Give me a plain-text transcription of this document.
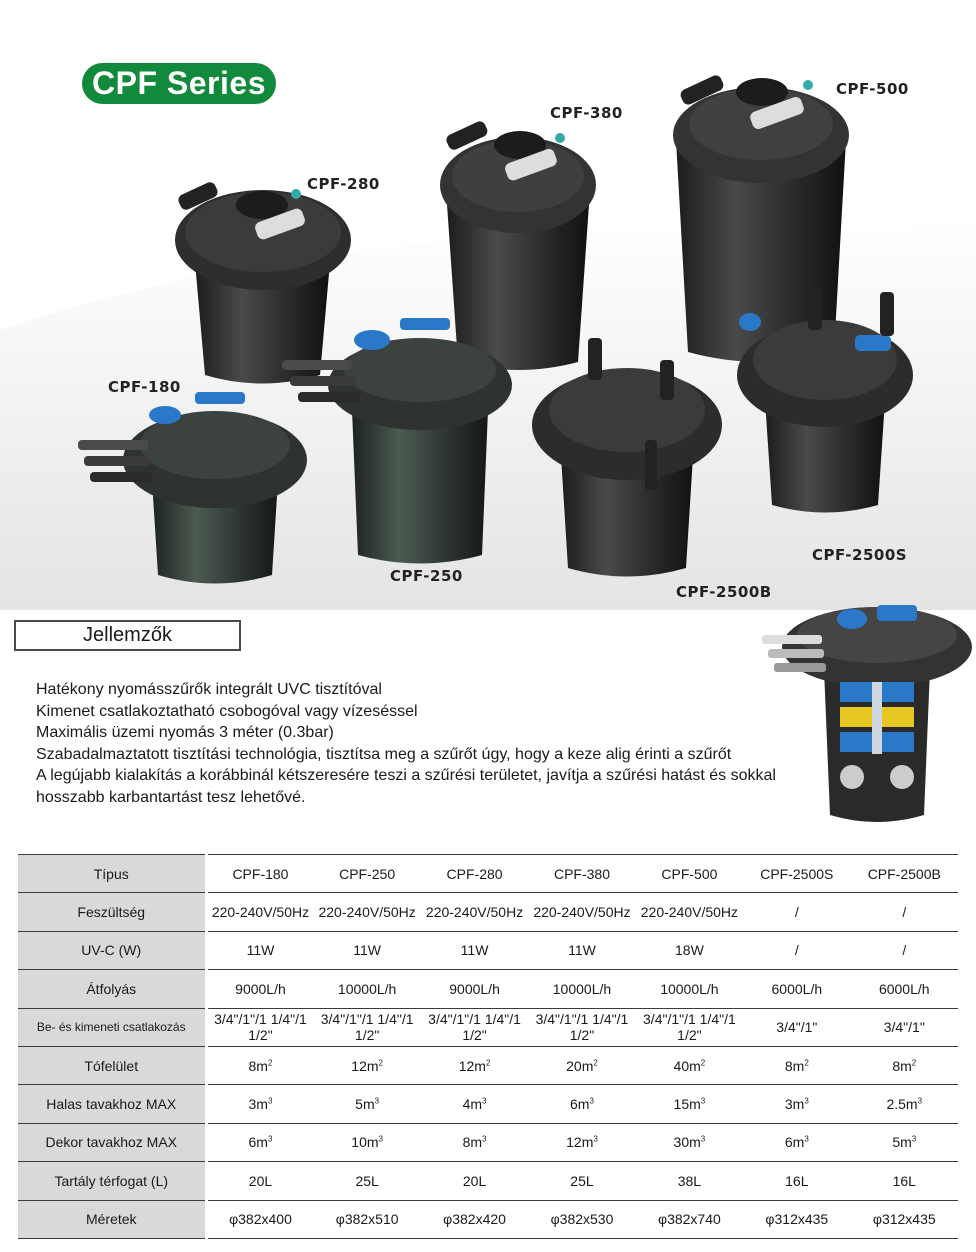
CPF Series
CPF-280
CPF-380
CPF-500
CPF-180
CPF-250
CPF-2500B
CPF-2500S
Jellemzők
Hatékony nyomásszűrők integrált UVC tisztítóval
Kimenet csatlakoztatható csobogóval vagy vízeséssel
Maximális üzemi nyomás 3 méter (0.3bar)
Szabadalmaztatott tisztítási technológia, tisztítsa meg a szűrőt úgy, hogy a keze alig érinti a szűrőt
A legújabb kialakítás a korábbinál kétszeresére teszi a szűrési területet, javítja a szűrési hatást és sokkal hosszabb karbantartást tesz lehetővé.
Típus	CPF-180	CPF-250	CPF-280	CPF-380	CPF-500	CPF-2500S	CPF-2500B
Feszültség	220-240V/50Hz	220-240V/50Hz	220-240V/50Hz	220-240V/50Hz	220-240V/50Hz	/	/
UV-C (W)	11W	11W	11W	11W	18W	/	/
Átfolyás	9000L/h	10000L/h	9000L/h	10000L/h	10000L/h	6000L/h	6000L/h
Be- és kimeneti csatlakozás	3/4"/1"/1 1/4"/1 1/2"	3/4"/1"/1 1/4"/1 1/2"	3/4"/1"/1 1/4"/1 1/2"	3/4"/1"/1 1/4"/1 1/2"	3/4"/1"/1 1/4"/1 1/2"	3/4"/1"	3/4"/1"
Tófelület	$8m^2$	$12m^2$	$12m^2$	$20m^2$	$40m^2$	$8m^2$	$8m^2$
Halas tavakhoz MAX	$3m^3$	$5m^3$	$4m^3$	$6m^3$	$15m^3$	$3m^3$	$2.5m^3$
Dekor tavakhoz MAX	$6m^3$	$10m^3$	$8m^3$	$12m^3$	$30m^3$	$6m^3$	$5m^3$
Tartály térfogat (L)	20L	25L	20L	25L	38L	16L	16L
Méretek	φ382x400	φ382x510	φ382x420	φ382x530	φ382x740	φ312x435	φ312x435
